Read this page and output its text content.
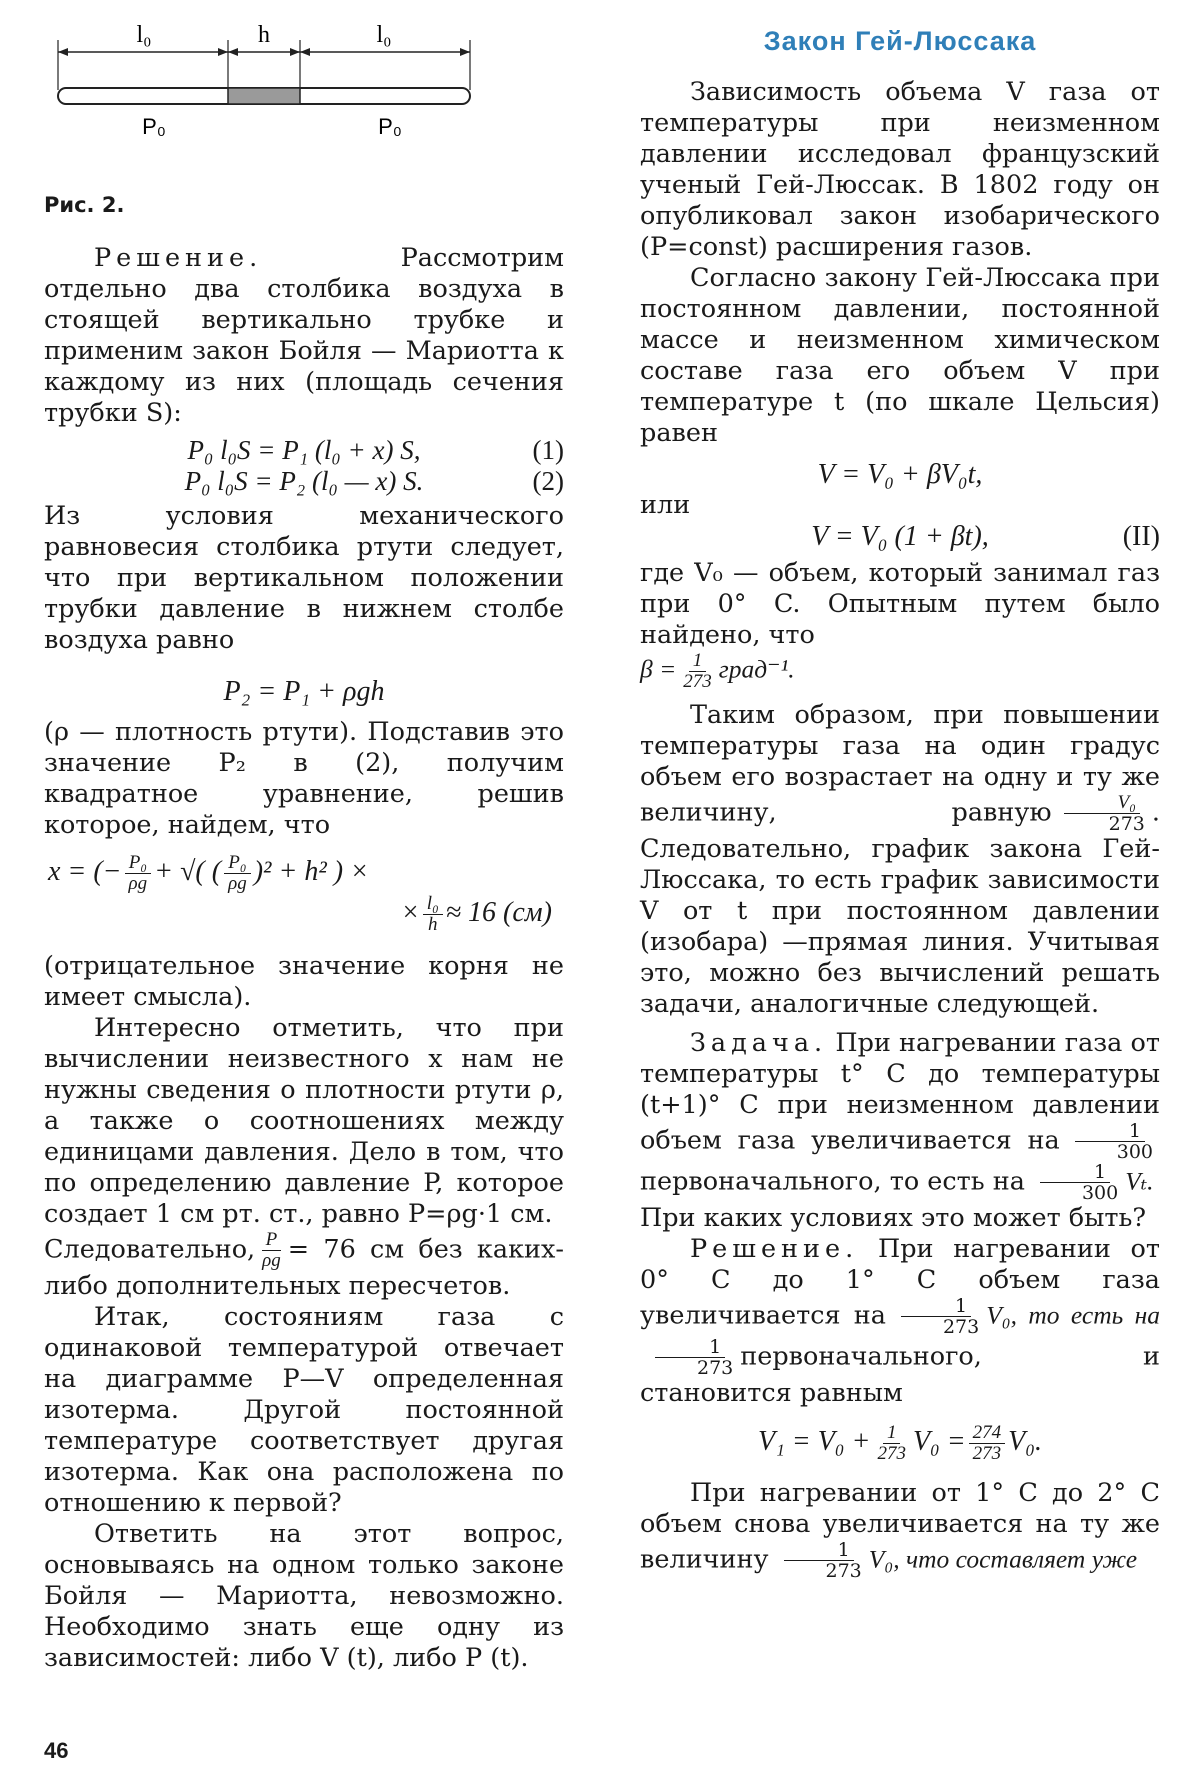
l₀	h	l₀
P₀	P₀
Рис. 2.

Решение.	Рассмотрим отдельно два столбика воздуха в стоящей вертикально трубке и применим закон Бойля — Мариотта к каждому из них (площадь сечения трубки S):

P₀ l₀S = P₁ (l₀ + x) S,	(1)
P₀ l₀S = P₂ (l₀ — x) S.	(2)

Из условия механического равновесия столбика ртути следует, что при вертикальном положении трубки давление в нижнем столбе воздуха равно

P₂ = P₁ + ρgh

(ρ — плотность ртути). Подставив это значение P₂ в (2), получим квадратное уравнение, решив которое, найдем, что

x = (− $\frac{\text{P₀}}{\rho g}$ + √( ( $\frac{\text{P₀}}{\rho g} )^2 + h^2$ ) ×
× $\frac{\text{l₀}}{h} \approx 16$ (см)

(отрицательное значение корня не имеет смысла).

Интересно отметить, что при вычислении неизвестного x нам не нужны сведения о плотности ртути ρ, а также о соотношениях между единицами давления. Дело в том, что по определению давление P, которое создает 1 см рт. ст., равно P=ρg·1 см.

Следовательно, $\frac{P}{\rho g} = 76$ см без каких-либо дополнительных пересчетов.

Итак, состояниям газа с одинаковой температурой отвечает на диаграмме P—V определенная изотерма. Другой постоянной температуре соответствует другая изотерма. Как она расположена по отношению к первой?

Ответить на этот вопрос, основываясь на одном только законе Бойля — Мариотта, невозможно. Необходимо знать еще одну из зависимостей: либо V (t), либо P (t).

Закон Гей-Люссака

Зависимость объема V газа от температуры при неизменном давлении исследовал французский ученый Гей-Люссак. В 1802 году он опубликовал закон изобарического (P=const) расширения газов.

Согласно закону Гей-Люссака при постоянном давлении, постоянной массе и неизменном химическом составе газа его объем V при температуре t (по шкале Цельсия) равен

V = V₀ + βV₀t,
или
V = V₀ (1 + βt),	(II)

где V₀ — объем, который занимал газ при 0° C. Опытным путем было найдено, что

$\beta = \frac{1}{273}$ град⁻¹.

Таким образом, при повышении температуры газа на один градус объем его возрастает на одну и ту же величину, равную $\frac{\text{V₀}}{273}$ . Следовательно, график закона Гей-Люссака, то есть график зависимости V от t при постоянном давлении (изобара) —прямая линия. Учитывая это, можно без вычислений решать задачи, аналогичные следующей.

Задача. При нагревании газа от температуры t° C до температуры (t+1)° C при неизменном давлении объем газа увеличивается на $\frac{1}{300}$
первоначального, то есть на $\frac{1}{300} V_t$.

При каких условиях это может быть?

Решение. При нагревании от 0° C до 1° C объем газа увеличивается на $\frac{1}{273} V_0$, то есть на
$\frac{1}{273}$ первоначального, и становится равным

$V_1 = V_0 + \frac{1}{273} V_0 = \frac{274}{273} V_0$.

При нагревании от 1° C до 2° C объем снова увеличивается на ту же величину $\frac{1}{273} V_0$, что составляет уже

46
